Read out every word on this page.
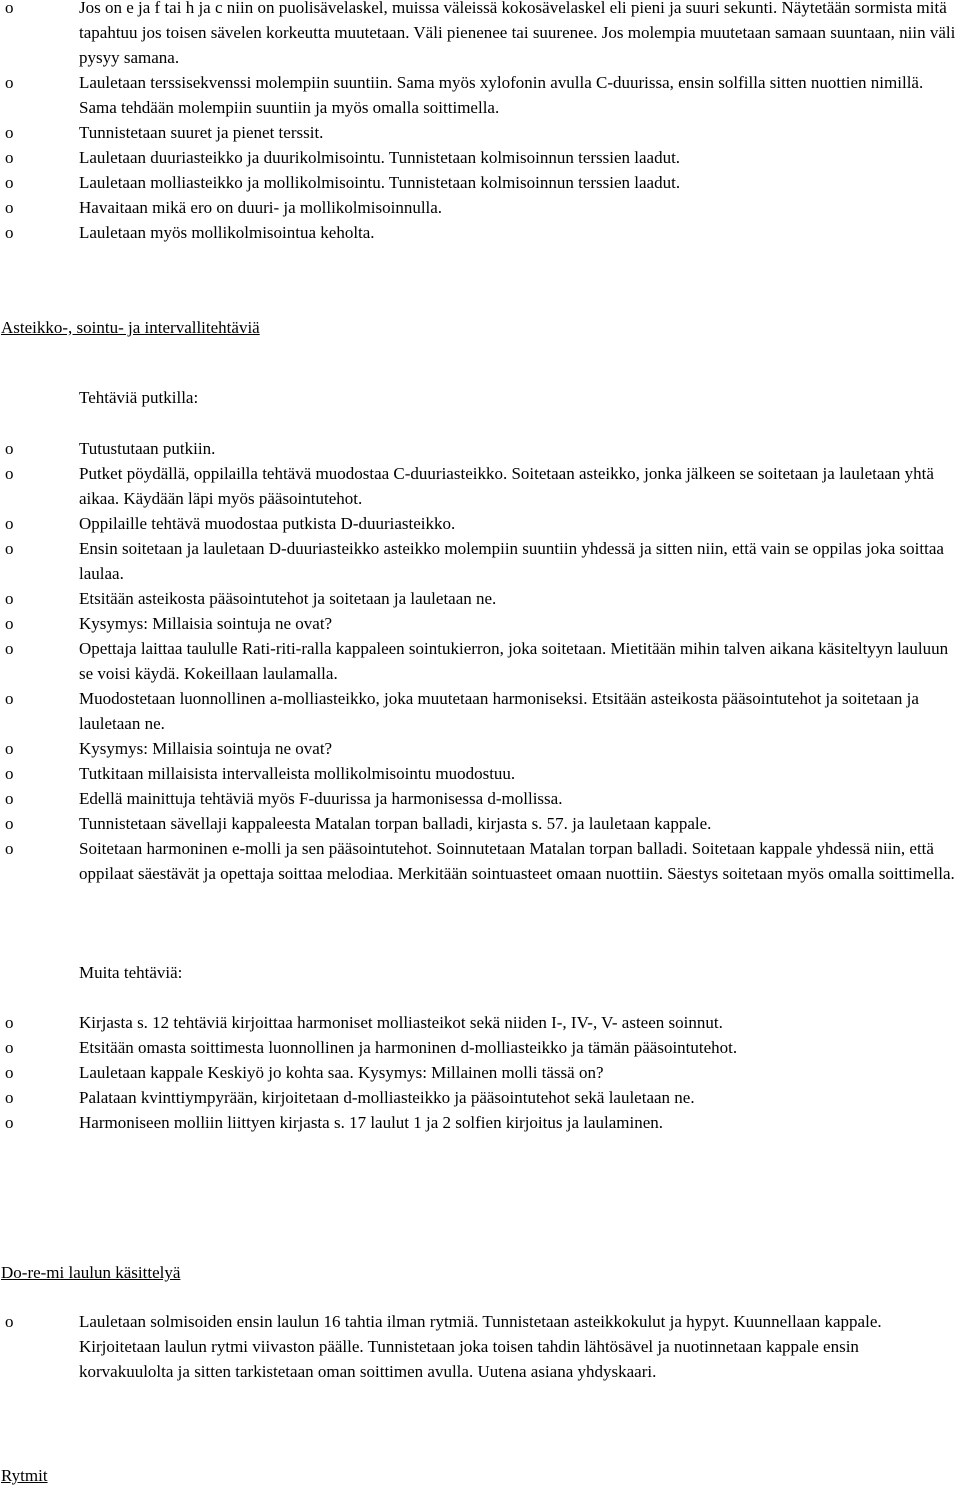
o	Jos on e ja f tai h ja c niin on puolisävelaskel, muissa väleissä kokosävelaskel eli pieni ja suuri sekunti. Näytetään sormista mitä tapahtuu jos toisen sävelen korkeutta muutetaan. Väli pienenee tai suurenee. Jos molempia muutetaan samaan suuntaan, niin väli pysyy samana.
o	Lauletaan terssisekvenssi molempiin suuntiin. Sama myös xylofonin avulla C-duurissa, ensin solfilla sitten nuottien nimillä. Sama tehdään molempiin suuntiin ja myös omalla soittimella.
o	Tunnistetaan suuret ja pienet terssit.
o	Lauletaan duuriasteikko ja duurikolmisointu. Tunnistetaan kolmisoinnun terssien laadut.
o	Lauletaan molliasteikko ja mollikolmisointu. Tunnistetaan kolmisoinnun terssien laadut.
o	Havaitaan mikä ero on duuri- ja mollikolmisoinnulla.
o	Lauletaan myös mollikolmisointua keholta.
Asteikko-, sointu- ja intervallitehtäviä
Tehtäviä putkilla:
o	Tutustutaan putkiin.
o	Putket pöydällä, oppilailla tehtävä muodostaa C-duuriasteikko. Soitetaan asteikko, jonka jälkeen se soitetaan ja lauletaan yhtä aikaa. Käydään läpi myös pääsointutehot.
o	Oppilaille tehtävä muodostaa putkista D-duuriasteikko.
o	Ensin soitetaan ja lauletaan D-duuriasteikko asteikko molempiin suuntiin yhdessä ja sitten niin, että vain se oppilas joka soittaa laulaa.
o	Etsitään asteikosta pääsointutehot ja soitetaan ja lauletaan ne.
o	Kysymys: Millaisia sointuja ne ovat?
o	Opettaja laittaa taululle Rati-riti-ralla kappaleen sointukierron, joka soitetaan. Mietitään mihin talven aikana käsiteltyyn lauluun se voisi käydä. Kokeillaan laulamalla.
o	Muodostetaan luonnollinen a-molliasteikko, joka muutetaan harmoniseksi. Etsitään asteikosta pääsointutehot ja soitetaan ja lauletaan ne.
o	Kysymys: Millaisia sointuja ne ovat?
o	Tutkitaan millaisista intervalleista mollikolmisointu muodostuu.
o	Edellä mainittuja tehtäviä myös F-duurissa ja harmonisessa d-mollissa.
o	Tunnistetaan sävellaji kappaleesta Matalan torpan balladi, kirjasta s. 57. ja lauletaan kappale.
o	Soitetaan harmoninen e-molli ja sen pääsointutehot. Soinnutetaan Matalan torpan balladi. Soitetaan kappale yhdessä niin, että oppilaat säestävät ja opettaja soittaa melodiaa. Merkitään sointuasteet omaan nuottiin. Säestys soitetaan myös omalla soittimella.
Muita tehtäviä:
o	Kirjasta s. 12 tehtäviä kirjoittaa harmoniset molliasteikot sekä niiden I-, IV-, V- asteen soinnut.
o	Etsitään omasta soittimesta luonnollinen ja harmoninen d-molliasteikko ja tämän pääsointutehot.
o	Lauletaan kappale Keskiyö jo kohta saa. Kysymys: Millainen molli tässä on?
o	Palataan kvinttiympyrään, kirjoitetaan d-molliasteikko ja pääsointutehot sekä lauletaan ne.
o	Harmoniseen molliin liittyen kirjasta s. 17 laulut 1 ja 2 solfien kirjoitus ja laulaminen.
Do-re-mi laulun käsittelyä
o	Lauletaan solmisoiden ensin laulun 16 tahtia ilman rytmiä. Tunnistetaan asteikkokulut ja hypyt. Kuunnellaan kappale. Kirjoitetaan laulun rytmi viivaston päälle. Tunnistetaan joka toisen tahdin lähtösävel ja nuotinnetaan kappale ensin korvakuulolta ja sitten tarkistetaan oman soittimen avulla. Uutena asiana yhdyskaari.
Rytmit
